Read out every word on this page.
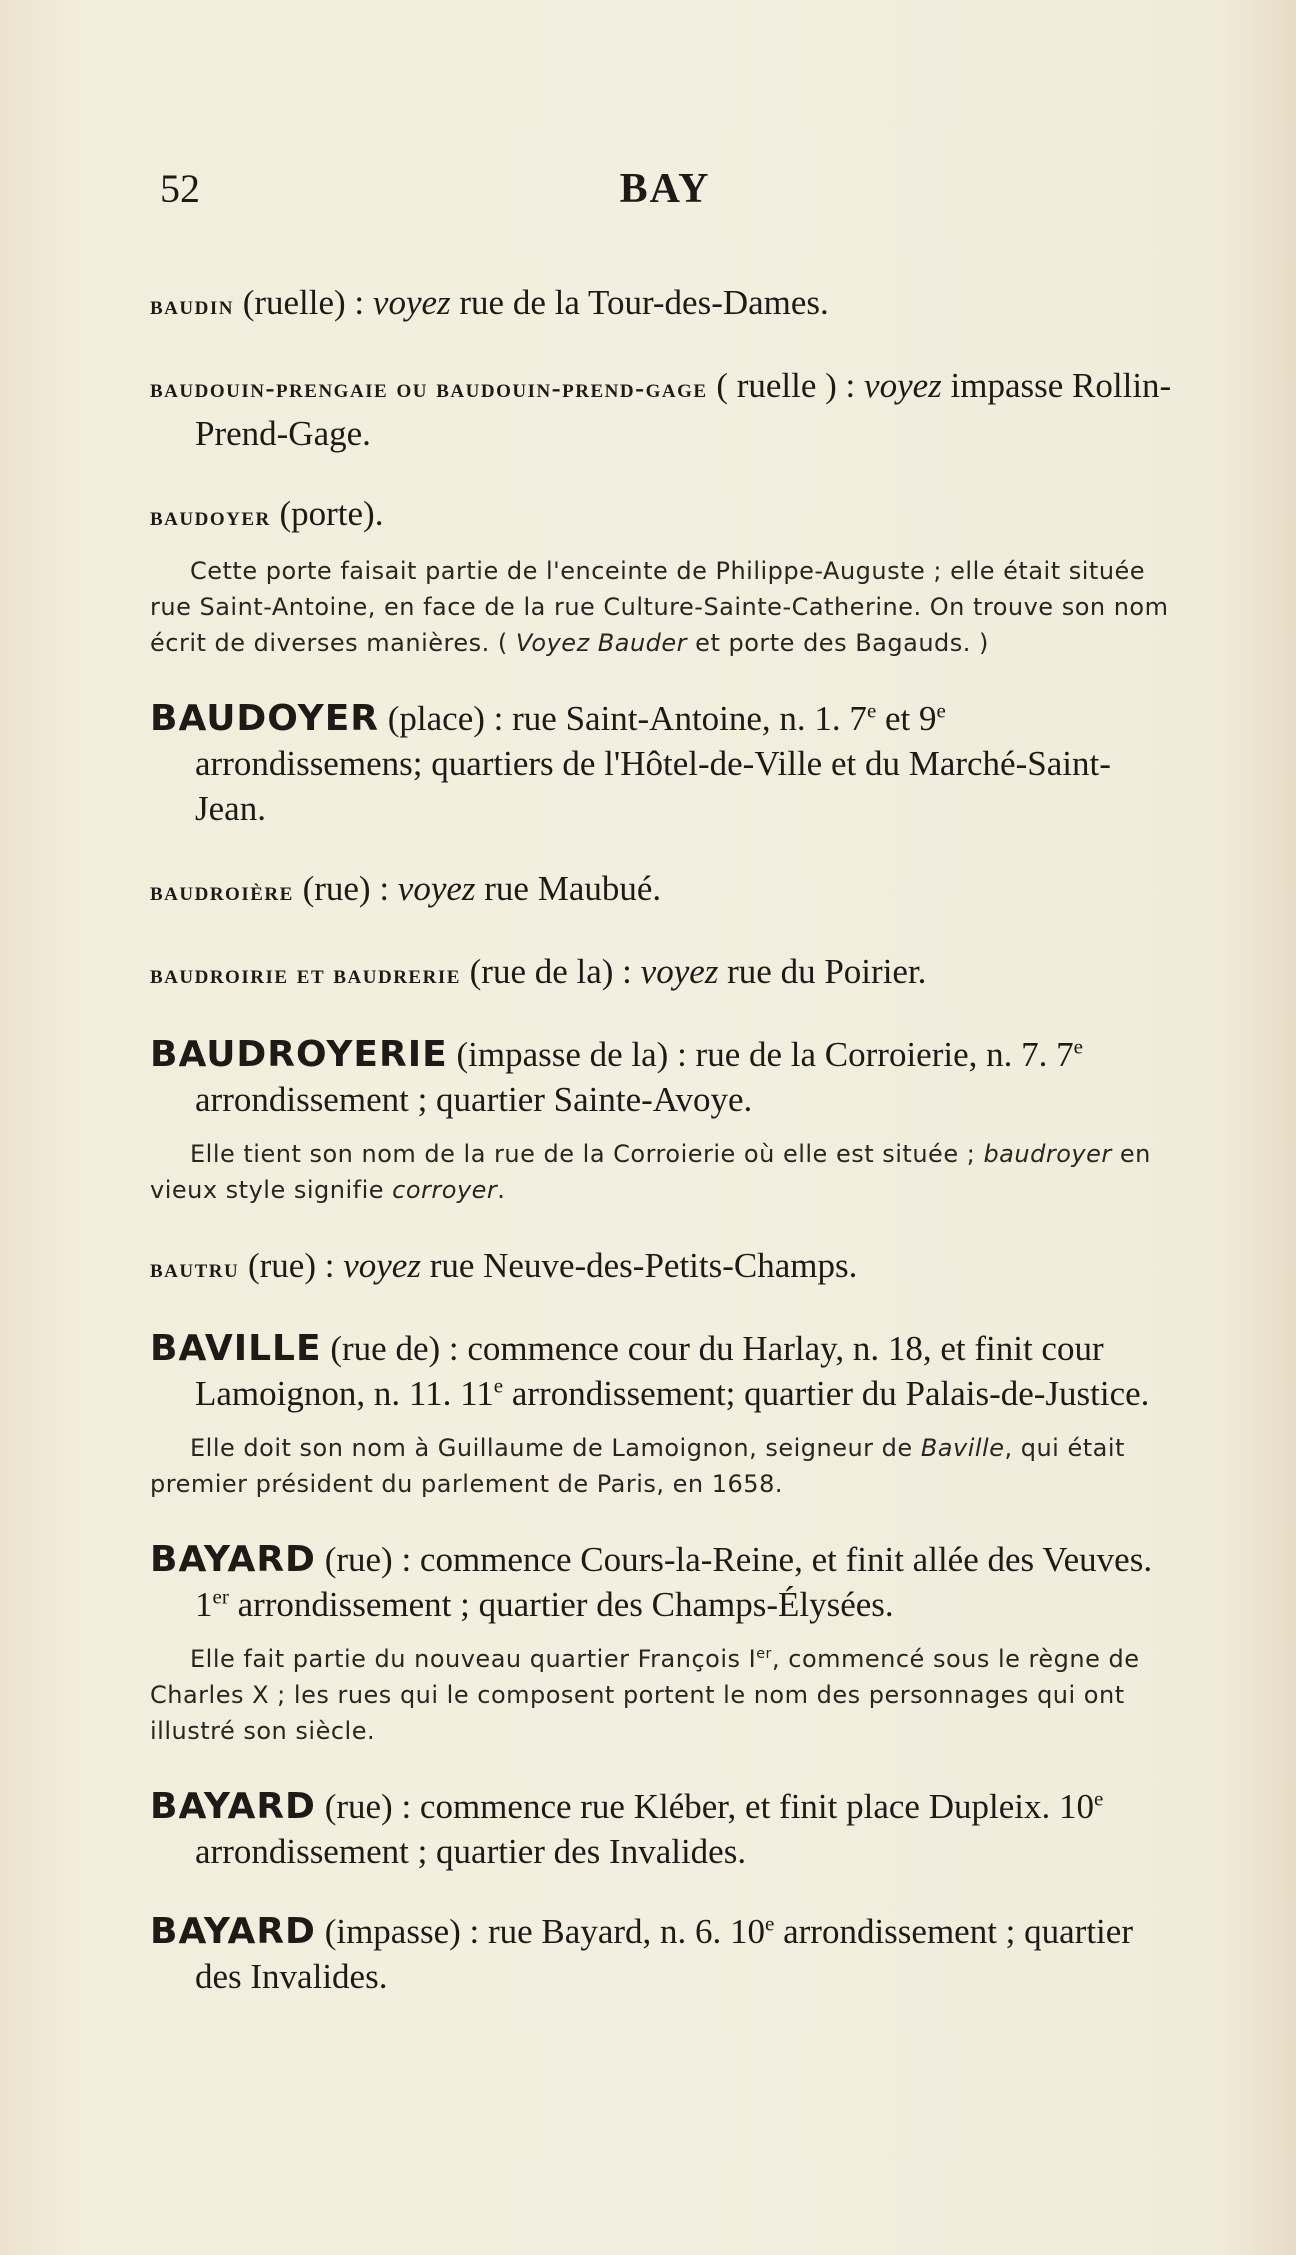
52	BAY

baudin (ruelle) : voyez rue de la Tour-des-Dames.

baudouin-prengaie ou baudouin-prend-gage ( ruelle ) : voyez impasse Rollin-Prend-Gage.

baudoyer (porte).

Cette porte faisait partie de l'enceinte de Philippe-Auguste ; elle était située rue Saint-Antoine, en face de la rue Culture-Sainte-Catherine. On trouve son nom écrit de diverses manières. ( Voyez Bauder et porte des Bagauds. )

BAUDOYER (place) : rue Saint-Antoine, n. 1. 7e et 9e arrondissemens; quartiers de l'Hôtel-de-Ville et du Marché-Saint-Jean.

baudroière (rue) : voyez rue Maubué.

baudroirie et baudrerie (rue de la) : voyez rue du Poirier.

BAUDROYERIE (impasse de la) : rue de la Corroierie, n. 7. 7e arrondissement ; quartier Sainte-Avoye.

Elle tient son nom de la rue de la Corroierie où elle est située ; baudroyer en vieux style signifie corroyer.

bautru (rue) : voyez rue Neuve-des-Petits-Champs.

BAVILLE (rue de) : commence cour du Harlay, n. 18, et finit cour Lamoignon, n. 11. 11e arrondissement; quartier du Palais-de-Justice.

Elle doit son nom à Guillaume de Lamoignon, seigneur de Baville, qui était premier président du parlement de Paris, en 1658.

BAYARD (rue) : commence Cours-la-Reine, et finit allée des Veuves. 1er arrondissement ; quartier des Champs-Élysées.

Elle fait partie du nouveau quartier François Ier, commencé sous le règne de Charles X ; les rues qui le composent portent le nom des personnages qui ont illustré son siècle.

BAYARD (rue) : commence rue Kléber, et finit place Dupleix. 10e arrondissement ; quartier des Invalides.

BAYARD (impasse) : rue Bayard, n. 6. 10e arrondissement ; quartier des Invalides.
